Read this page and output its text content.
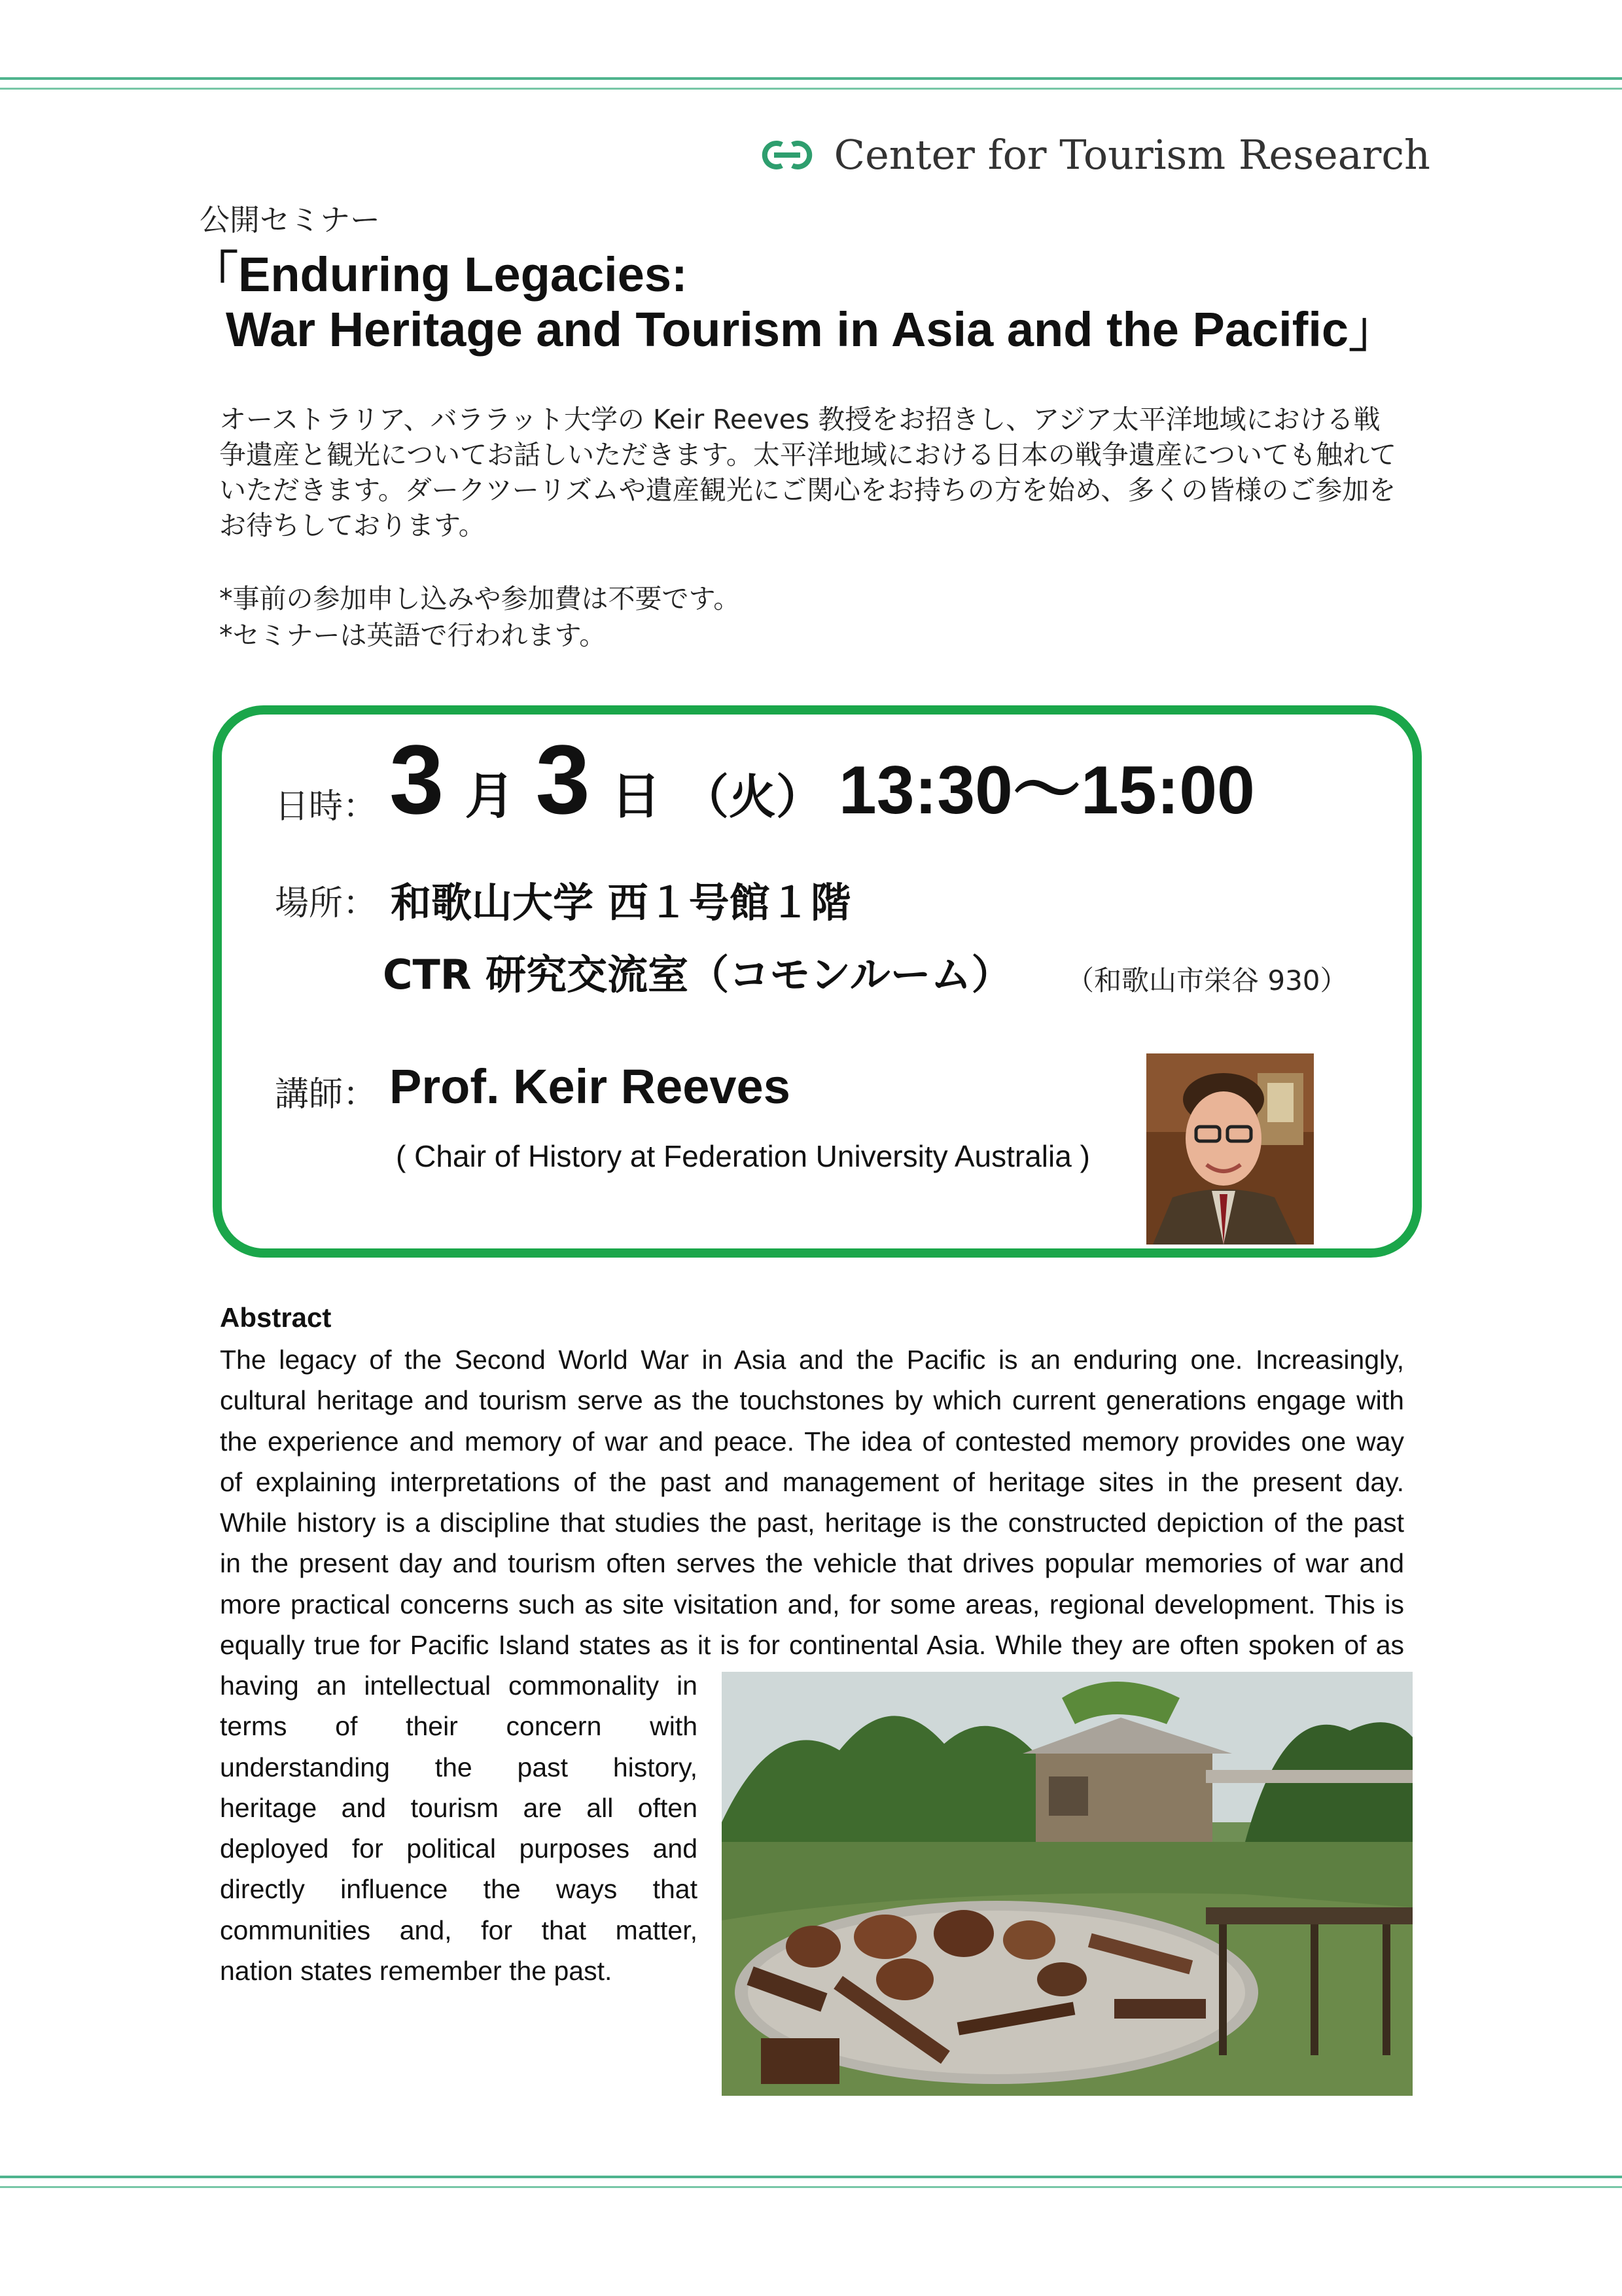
Center for Tourism Research
公開セミナー
「Enduring Legacies:
War Heritage and Tourism in Asia and the Pacific」
オーストラリア、バララット大学の Keir Reeves 教授をお招きし、アジア太平洋地域における戦争遺産と観光についてお話しいただきます。太平洋地域における日本の戦争遺産についても触れていただきます。ダークツーリズムや遺産観光にご関心をお持ちの方を始め、多くの皆様のご参加をお待ちしております。
*事前の参加申し込みや参加費は不要です。
*セミナーは英語で行われます。
日時： 3 月 3 日 （火） 13:30～15:00
場所： 和歌山大学 西１号館１階
CTR 研究交流室（コモンルーム） （和歌山市栄谷 930）
講師： Prof. Keir Reeves
( Chair of History at Federation University Australia )
Abstract
The legacy of the Second World War in Asia and the Pacific is an enduring one. Increasingly,
cultural heritage and tourism serve as the touchstones by which current generations engage with
the experience and memory of war and peace. The idea of contested memory provides one way
of explaining interpretations of the past and management of heritage sites in the present day.
While history is a discipline that studies the past, heritage is the constructed depiction of the past
in the present day and tourism often serves the vehicle that drives popular memories of war and
more practical concerns such as site visitation and, for some areas, regional development. This is
equally true for Pacific Island states as it is for continental Asia. While they are often spoken of as
having an intellectual commonality in
terms of their concern with
understanding the past history,
heritage and tourism are all often
deployed for political purposes and
directly influence the ways that
communities and, for that matter,
nation states remember the past.
